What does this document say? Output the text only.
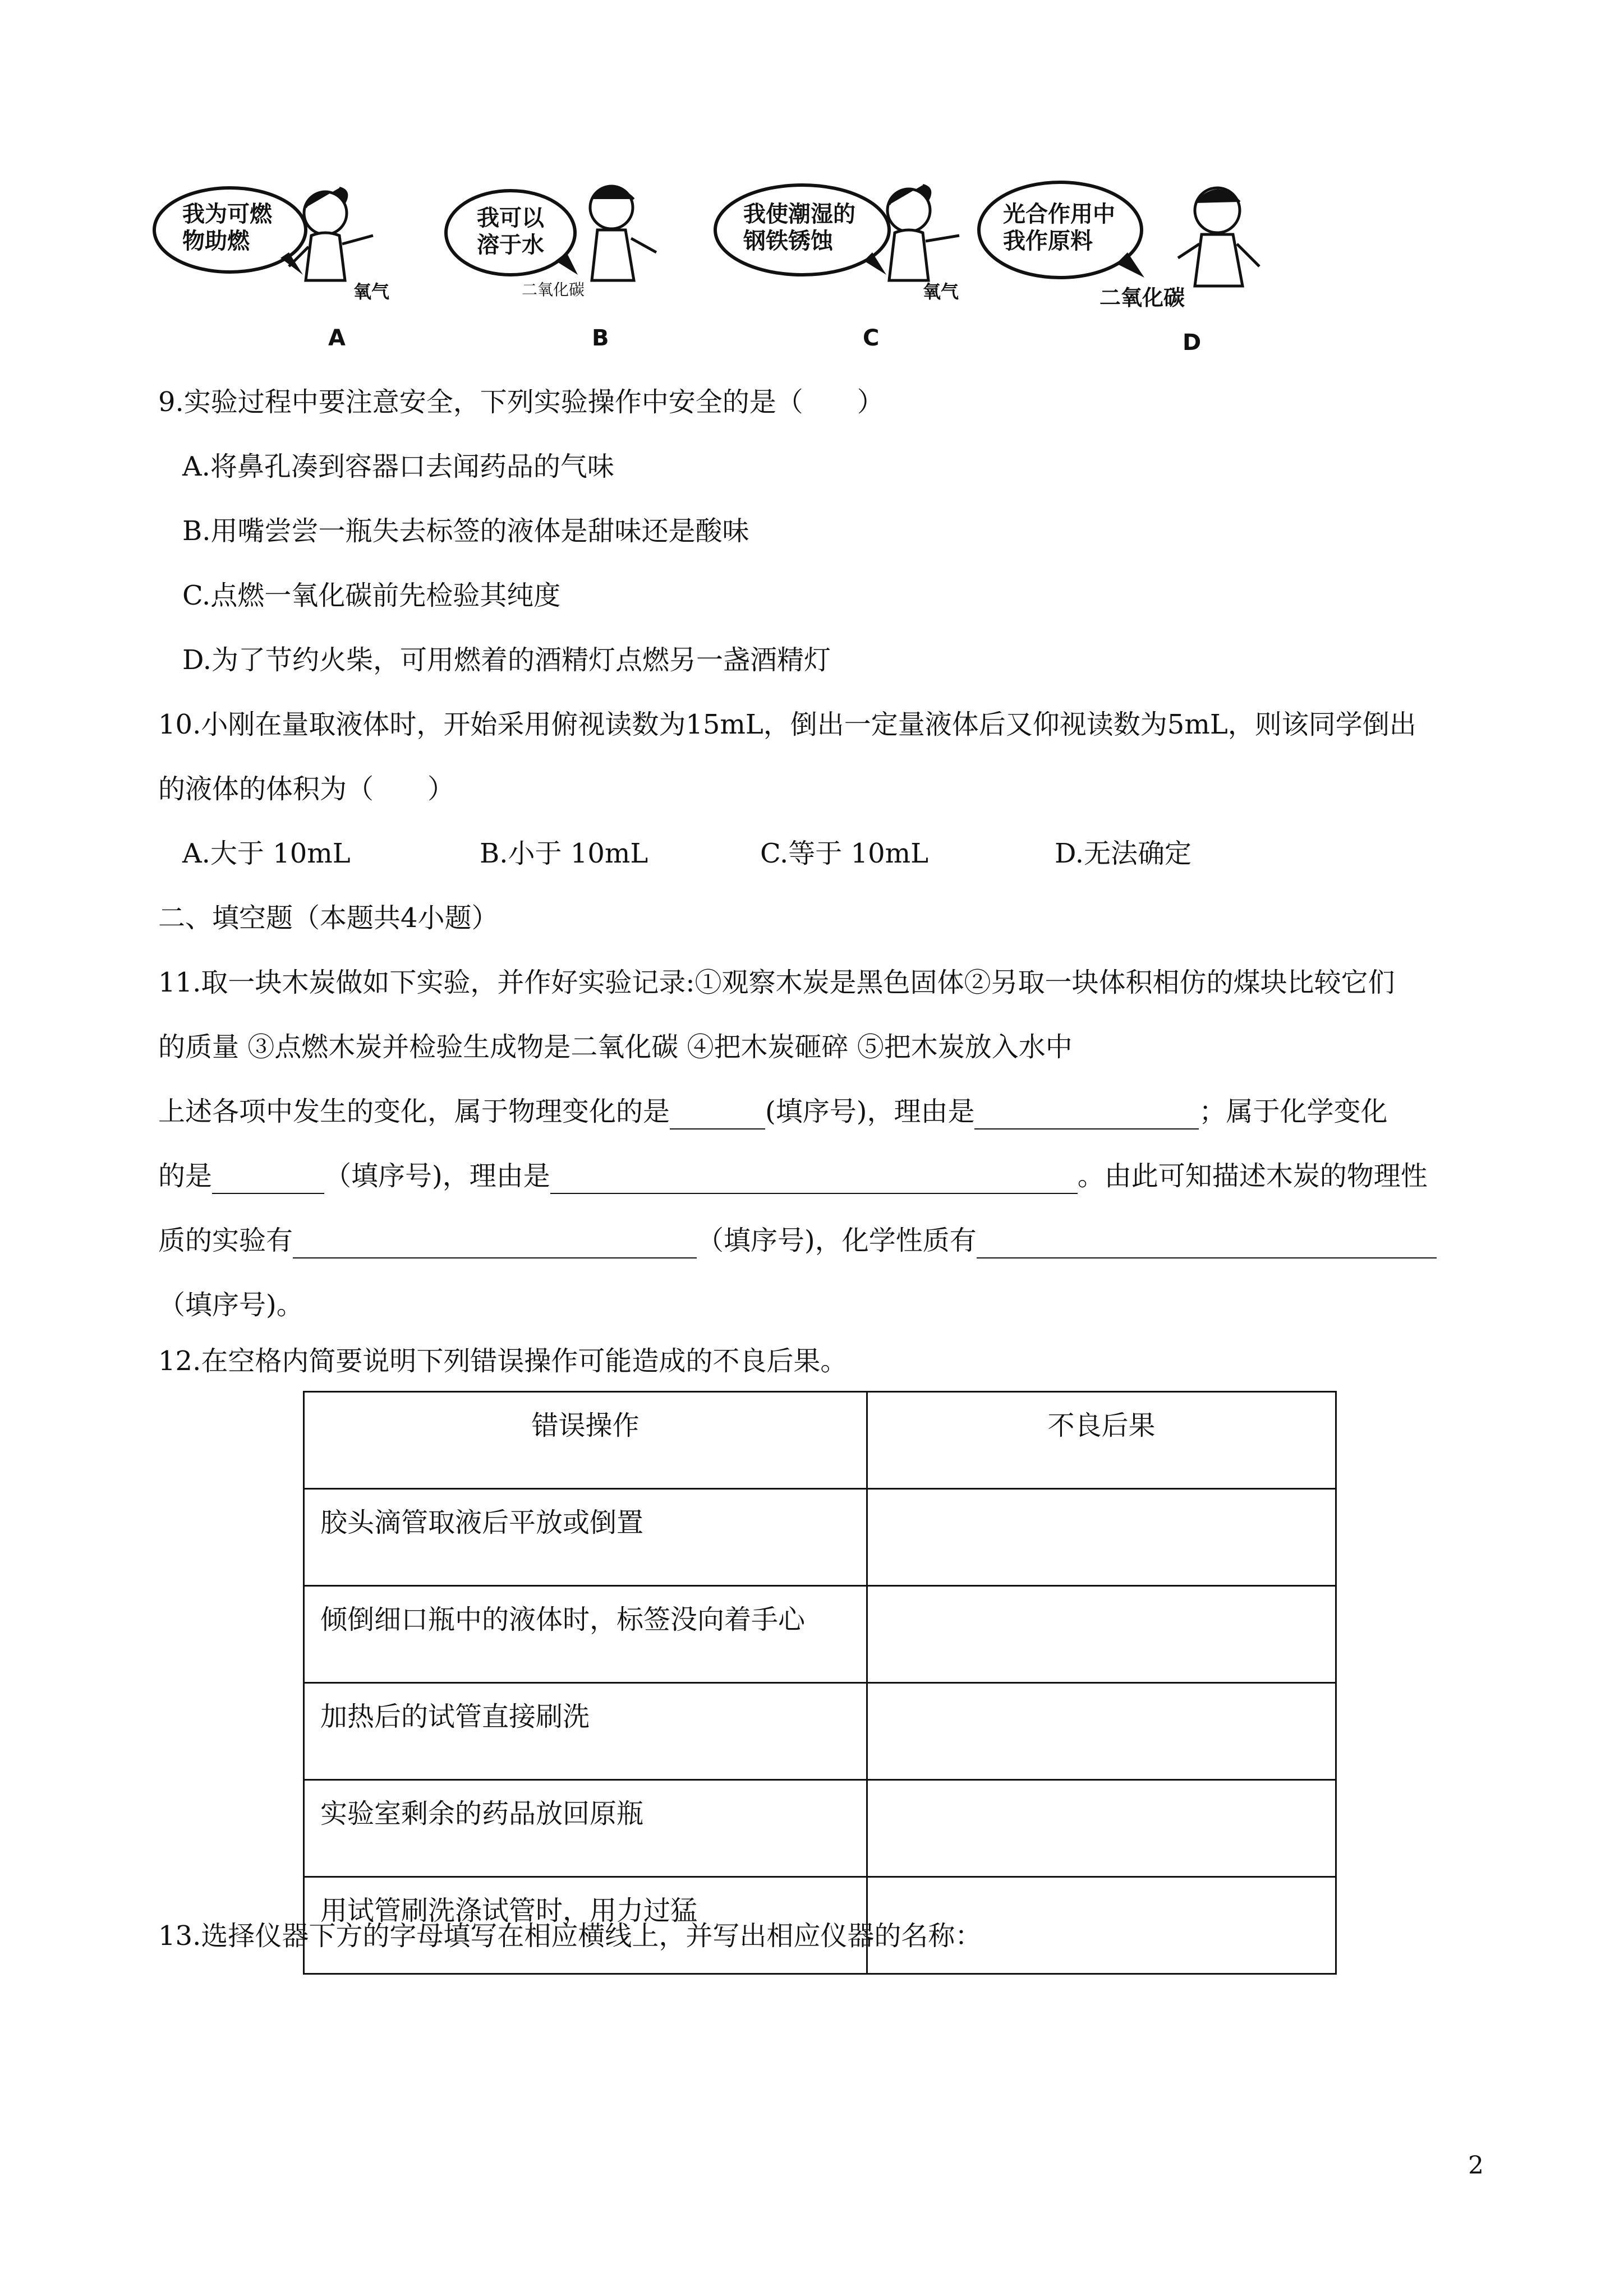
我为可燃
物助燃
我可以
溶于水
我使潮湿的
钢铁锈蚀
光合作用中
我作原料
氧气	二氧化碳	氧气	二氧化碳
A	B	C	D
9.实验过程中要注意安全，下列实验操作中安全的是（　　）
A.将鼻孔凑到容器口去闻药品的气味
B.用嘴尝尝一瓶失去标签的液体是甜味还是酸味
C.点燃一氧化碳前先检验其纯度
D.为了节约火柴，可用燃着的酒精灯点燃另一盏酒精灯
10.小刚在量取液体时，开始采用俯视读数为15mL，倒出一定量液体后又仰视读数为5mL，则该同学倒出
的液体的体积为（　　）
A.大于 10mL	B.小于 10mL	C.等于 10mL	D.无法确定
二、填空题（本题共4小题）
11.取一块木炭做如下实验，并作好实验记录:①观察木炭是黑色固体②另取一块体积相仿的煤块比较它们
的质量 ③点燃木炭并检验生成物是二氧化碳 ④把木炭砸碎 ⑤把木炭放入水中
上述各项中发生的变化，属于物理变化的是	(填序号)，理由是	；属于化学变化
的是	（填序号)，理由是	。由此可知描述木炭的物理性
质的实验有	（填序号)，化学性质有
（填序号)。
12.在空格内简要说明下列错误操作可能造成的不良后果。
错误操作	不良后果
胶头滴管取液后平放或倒置	
倾倒细口瓶中的液体时，标签没向着手心	
加热后的试管直接刷洗	
实验室剩余的药品放回原瓶	
用试管刷洗涤试管时，用力过猛	
13.选择仪器下方的字母填写在相应横线上，并写出相应仪器的名称：
2
